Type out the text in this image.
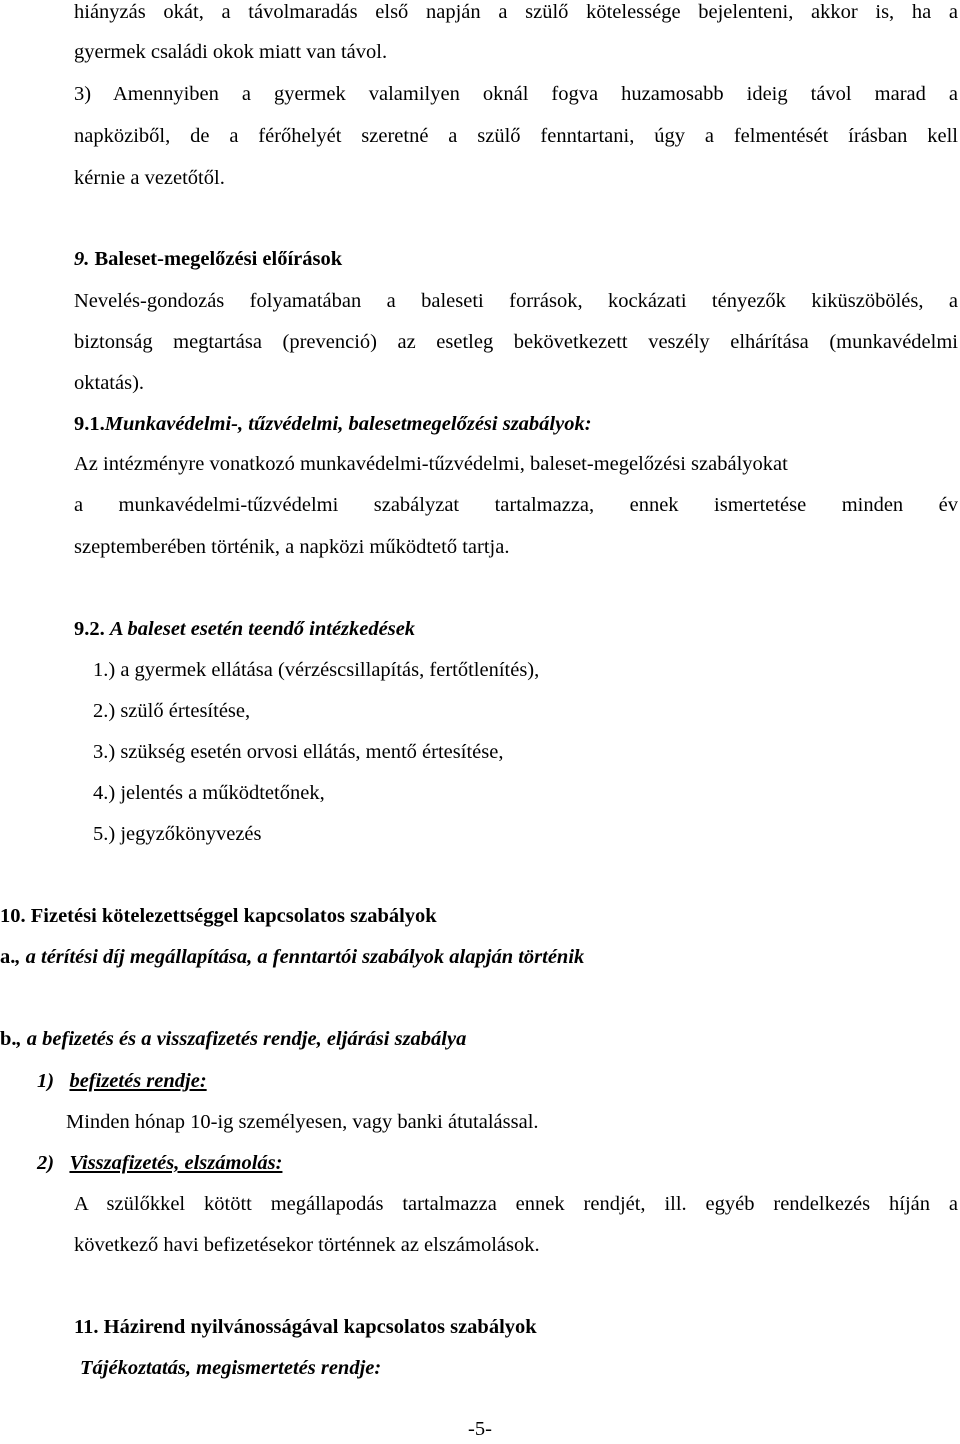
hiányzás okát, a távolmaradás első napján a szülő kötelessége bejelenteni, akkor is, ha a
gyermek családi okok miatt van távol.
3) Amennyiben a gyermek valamilyen oknál fogva huzamosabb ideig távol marad a
napköziből, de a férőhelyét szeretné a szülő fenntartani, úgy a felmentését írásban kell
kérnie a vezetőtől.
9. Baleset-megelőzési előírások
Nevelés-gondozás folyamatában a baleseti források, kockázati tényezők kiküszöbölés, a
biztonság megtartása (prevenció) az esetleg bekövetkezett veszély elhárítása (munkavédelmi
oktatás).
9.1.Munkavédelmi-, tűzvédelmi, balesetmegelőzési szabályok:
Az intézményre vonatkozó munkavédelmi-tűzvédelmi, baleset-megelőzési szabályokat
a munkavédelmi-tűzvédelmi szabályzat tartalmazza, ennek ismertetése minden év
szeptemberében történik, a napközi működtető tartja.
9.2. A baleset esetén teendő intézkedések
1.) a gyermek ellátása (vérzéscsillapítás, fertőtlenítés),
2.) szülő értesítése,
3.) szükség esetén orvosi ellátás, mentő értesítése,
4.) jelentés a működtetőnek,
5.) jegyzőkönyvezés
10. Fizetési kötelezettséggel kapcsolatos szabályok
a., a térítési díj megállapítása, a fenntartói szabályok alapján történik
b., a befizetés és a visszafizetés rendje, eljárási szabálya
1) befizetés rendje:
Minden hónap 10-ig személyesen, vagy banki átutalással.
2) Visszafizetés, elszámolás:
A szülőkkel kötött megállapodás tartalmazza ennek rendjét, ill. egyéb rendelkezés híján a
következő havi befizetésekor történnek az elszámolások.
11. Házirend nyilvánosságával kapcsolatos szabályok
Tájékoztatás, megismertetés rendje:
-5-
